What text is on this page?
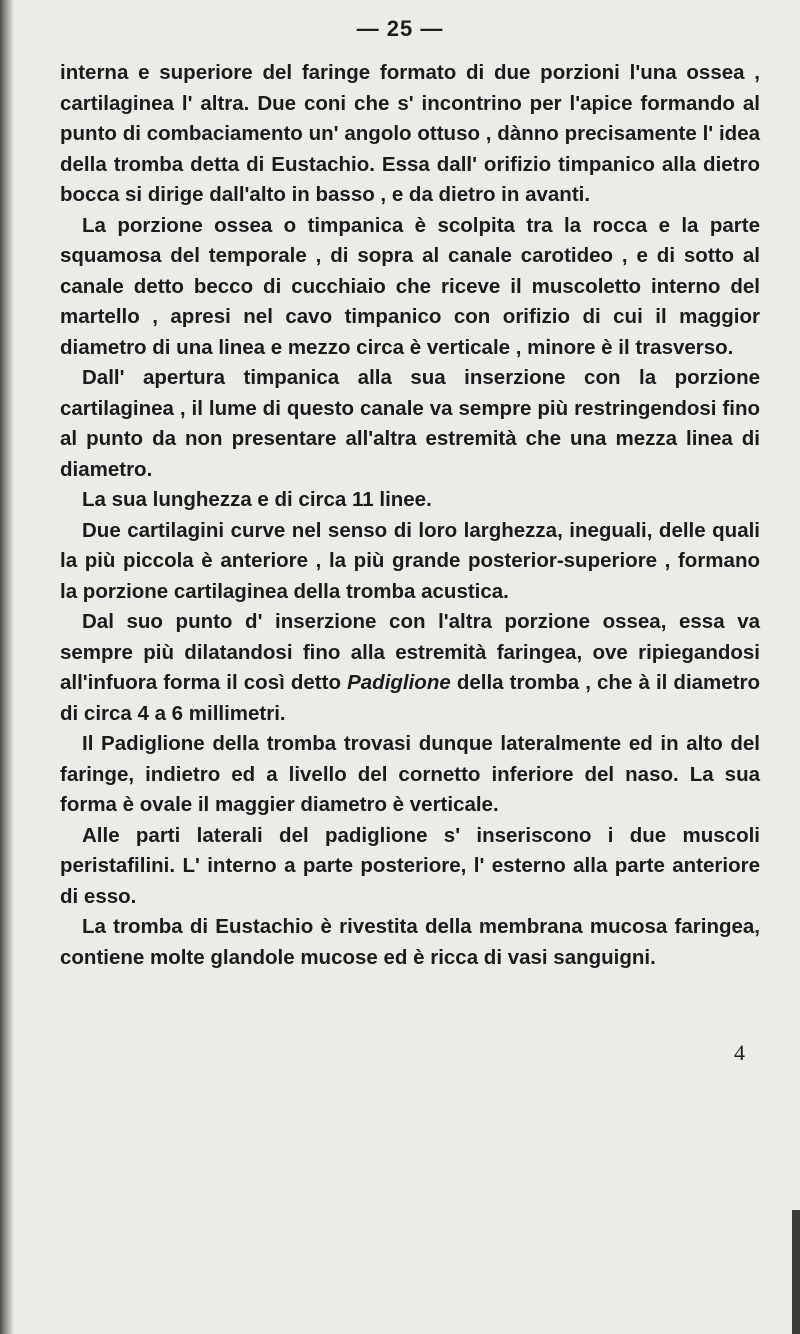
— 25 —

interna e superiore del faringe formato di due porzioni l'una ossea , cartilaginea l' altra. Due coni che s' incontrino per l'apice formando al punto di combaciamento un' angolo ottuso , dànno precisamente l' idea della tromba detta di Eustachio. Essa dall' orifizio timpanico alla dietro bocca si dirige dall'alto in basso , e da dietro in avanti.

La porzione ossea o timpanica è scolpita tra la rocca e la parte squamosa del temporale , di sopra al canale carotideo , e di sotto al canale detto becco di cucchiaio che riceve il muscoletto interno del martello , apresi nel cavo timpanico con orifizio di cui il maggior diametro di una linea e mezzo circa è verticale , minore è il trasverso.

Dall' apertura timpanica alla sua inserzione con la porzione cartilaginea , il lume di questo canale va sempre più restringendosi fino al punto da non presentare all'altra estremità che una mezza linea di diametro.

La sua lunghezza e di circa 11 linee.

Due cartilagini curve nel senso di loro larghezza, ineguali, delle quali la più piccola è anteriore , la più grande posterior-superiore , formano la porzione cartilaginea della tromba acustica.

Dal suo punto d' inserzione con l'altra porzione ossea, essa va sempre più dilatandosi fino alla estremità faringea, ove ripiegandosi all'infuora forma il così detto Padiglione della tromba , che à il diametro di circa 4 a 6 millimetri.

Il Padiglione della tromba trovasi dunque lateralmente ed in alto del faringe, indietro ed a livello del cornetto inferiore del naso. La sua forma è ovale il maggier diametro è verticale.

Alle parti laterali del padiglione s' inseriscono i due muscoli peristafilini. L' interno a parte posteriore, l' esterno alla parte anteriore di esso.

La tromba di Eustachio è rivestita della membrana mucosa faringea, contiene molte glandole mucose ed è ricca di vasi sanguigni.

4
